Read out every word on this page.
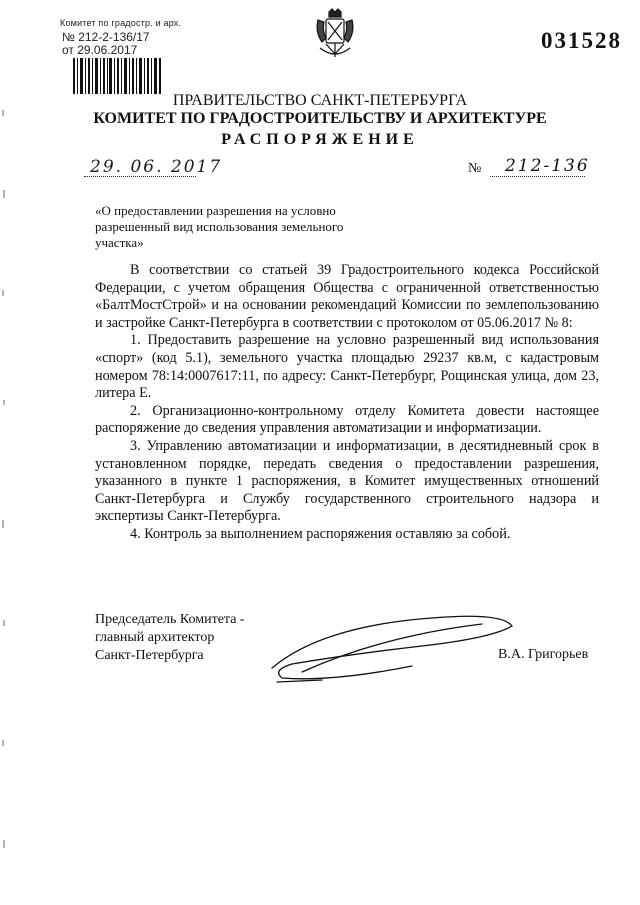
Комитет по градостр. и арх.
№ 212-2-136/17
от 29.06.2017	031528
ПРАВИТЕЛЬСТВО САНКТ-ПЕТЕРБУРГА
КОМИТЕТ ПО ГРАДОСТРОИТЕЛЬСТВУ И АРХИТЕКТУРЕ
РАСПОРЯЖЕНИЕ
29. 06. 2017	№ 212-136
«О предоставлении разрешения на условно разрешенный вид использования земельного участка»

В соответствии со статьей 39 Градостроительного кодекса Российской Федерации, с учетом обращения Общества с ограниченной ответственностью «БалтМостСтрой» и на основании рекомендаций Комиссии по землепользованию и застройке Санкт-Петербурга в соответствии с протоколом от 05.06.2017 № 8:

1. Предоставить разрешение на условно разрешенный вид использования «спорт» (код 5.1), земельного участка площадью 29237 кв.м, с кадастровым номером 78:14:0007617:11, по адресу: Санкт-Петербург, Рощинская улица, дом 23, литера Е.

2. Организационно-контрольному отделу Комитета довести настоящее распоряжение до сведения управления автоматизации и информатизации.

3. Управлению автоматизации и информатизации, в десятидневный срок в установленном порядке, передать сведения о предоставлении разрешения, указанного в пункте 1 распоряжения, в Комитет имущественных отношений Санкт-Петербурга и Службу государственного строительного надзора и экспертизы Санкт-Петербурга.

4. Контроль за выполнением распоряжения оставляю за собой.

Председатель Комитета -
главный архитектор
Санкт-Петербурга	В.А. Григорьев
